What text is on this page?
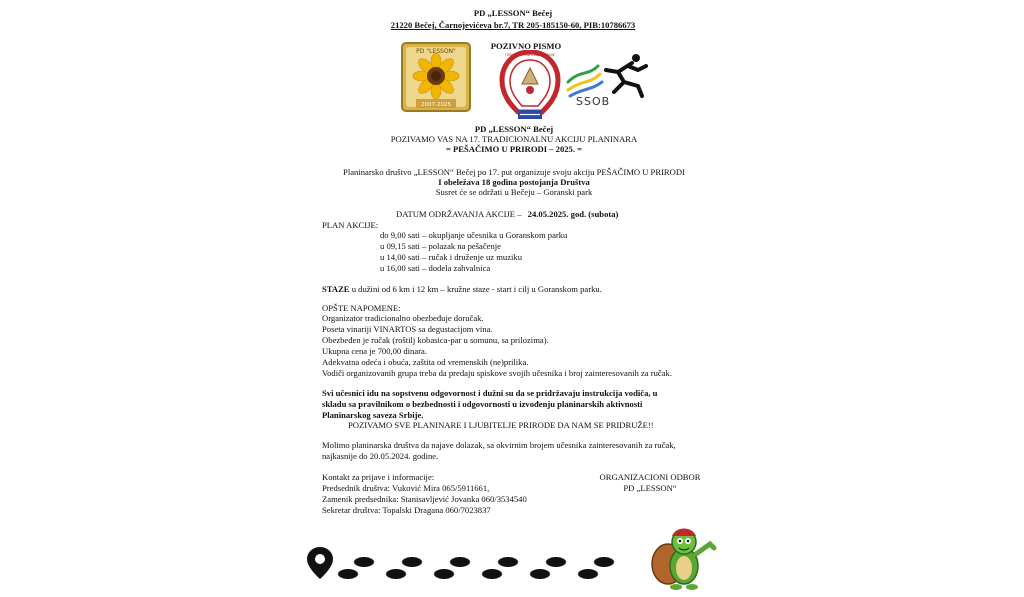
PD „LESSON“ Bečej
21220 Bečej, Čarnojevićeva br.7, TR 205-185150-60, PIB:10786673
POZIVNO PISMO
PD "LESSON"
2007-2025
ПЛАНИНАРСКИ САВЕЗ СРБИЈЕ
SSOB
PD „LESSON“ Bečej
POZIVAMO VAS NA 17. TRADICIONALNU AKCIJU PLANINARA
= PEŠAČIMO U PRIRODI – 2025. =
Planinarsko društvo „LESSON“ Bečej po 17. put organizuje svoju akciju PEŠAČIMO U PRIRODI
I obeležava 18 godina postojanja Društva
Susret će se održati u Bečeju – Goranski park
DATUM ODRŽAVANJA AKCIJE – 24.05.2025. god. (subota)
PLAN AKCIJE:
do 9,00 sati – okupljanje učesnika u Goranskom parku
u 09,15 sati – polazak na pešačenje
u 14,00 sati – ručak i druženje uz muziku
u 16,00 sati – dodela zahvalnica
STAZE u dužini od 6 km i 12 km – kružne staze - start i cilj u Goranskom parku.
OPŠTE NAPOMENE:
Organizator tradicionalno obezbeđuje doručak.
Poseta vinariji VINARTOS sa degustacijom vina.
Obezbeđen je ručak (roštilj kobasica-par u somunu, sa prilozima).
Ukupna cena je 700,00 dinara.
Adekvatna odeća i obuća, zaštita od vremenskih (ne)prilika.
Vodiči organizovanih grupa treba da predaju spiskove svojih učesnika i broj zainteresovanih za ručak.
Svi učesnici idu na sopstvenu odgovornost i dužni su da se pridržavaju instrukcija vodiča, u
skladu sa pravilnikom o bezbednosti i odgovornosti u izvođenju planinarskih aktivnosti
Planinarskog saveza Srbije.
POZIVAMO SVE PLANINARE I LJUBITELJE PRIRODE DA NAM SE PRIDRUŽE!!
Molimo planinarska društva da najave dolazak, sa okvirnim brojem učesnika zainteresovanih za ručak,
najkasnije do 20.05.2024. godine.
Kontakt za prijave i informacije:
Predsednik društva: Vuković Mira 065/5911661,
Zamenik predsednika: Stanisavljević Jovanka 060/3534540
Sekretar društva: Topalski Dragana 060/7023837
ORGANIZACIONI ODBOR
PD „LESSON“
